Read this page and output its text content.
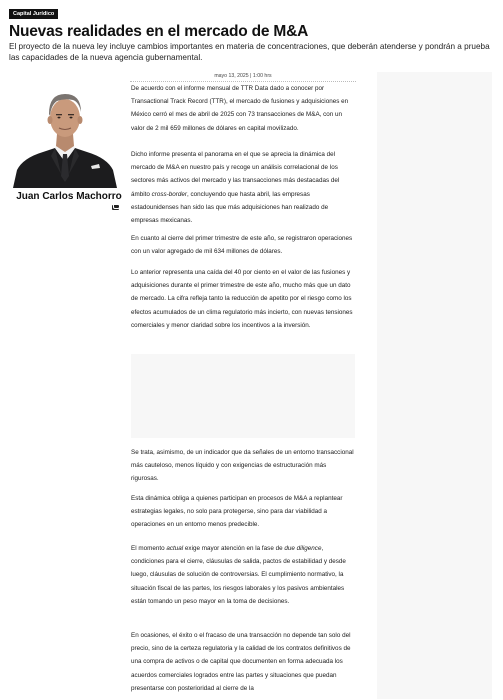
Capital Jurídico
Nuevas realidades en el mercado de M&A

El proyecto de la nueva ley incluye cambios importantes en materia de concentraciones, que deberán atenderse y pondrán a prueba las capacidades de la nueva agencia gubernamental.

Juan Carlos Machorro
mayo 13, 2025 | 1:00 hrs

De acuerdo con el informe mensual de TTR Data dado a conocer por Transactional Track Record (TTR), el mercado de fusiones y adquisiciones en México cerró el mes de abril de 2025 con 73 transacciones de M&A, con un valor de 2 mil 659 millones de dólares en capital movilizado.

Dicho informe presenta el panorama en el que se aprecia la dinámica del mercado de M&A en nuestro país y recoge un análisis correlacional de los sectores más activos del mercado y las transacciones más destacadas del ámbito cross-border, concluyendo que hasta abril, las empresas estadounidenses han sido las que más adquisiciones han realizado de empresas mexicanas.

En cuanto al cierre del primer trimestre de este año, se registraron operaciones con un valor agregado de mil 634 millones de dólares.

Lo anterior representa una caída del 40 por ciento en el valor de las fusiones y adquisiciones durante el primer trimestre de este año, mucho más que un dato de mercado. La cifra refleja tanto la reducción de apetito por el riesgo como los efectos acumulados de un clima regulatorio más incierto, con nuevas tensiones comerciales y menor claridad sobre los incentivos a la inversión.

Se trata, asimismo, de un indicador que da señales de un entorno transaccional más cauteloso, menos líquido y con exigencias de estructuración más rigurosas.

Esta dinámica obliga a quienes participan en procesos de M&A a replantear estrategias legales, no solo para protegerse, sino para dar viabilidad a operaciones en un entorno menos predecible.

El momento actual exige mayor atención en la fase de due diligence, condiciones para el cierre, cláusulas de salida, pactos de estabilidad y desde luego, cláusulas de solución de controversias. El cumplimiento normativo, la situación fiscal de las partes, los riesgos laborales y los pasivos ambientales están tomando un peso mayor en la toma de decisiones.

En ocasiones, el éxito o el fracaso de una transacción no depende tan solo del precio, sino de la certeza regulatoria y la calidad de los contratos definitivos de una compra de activos o de capital que documenten en forma adecuada los acuerdos comerciales logrados entre las partes y situaciones que puedan presentarse con posterioridad al cierre de la
